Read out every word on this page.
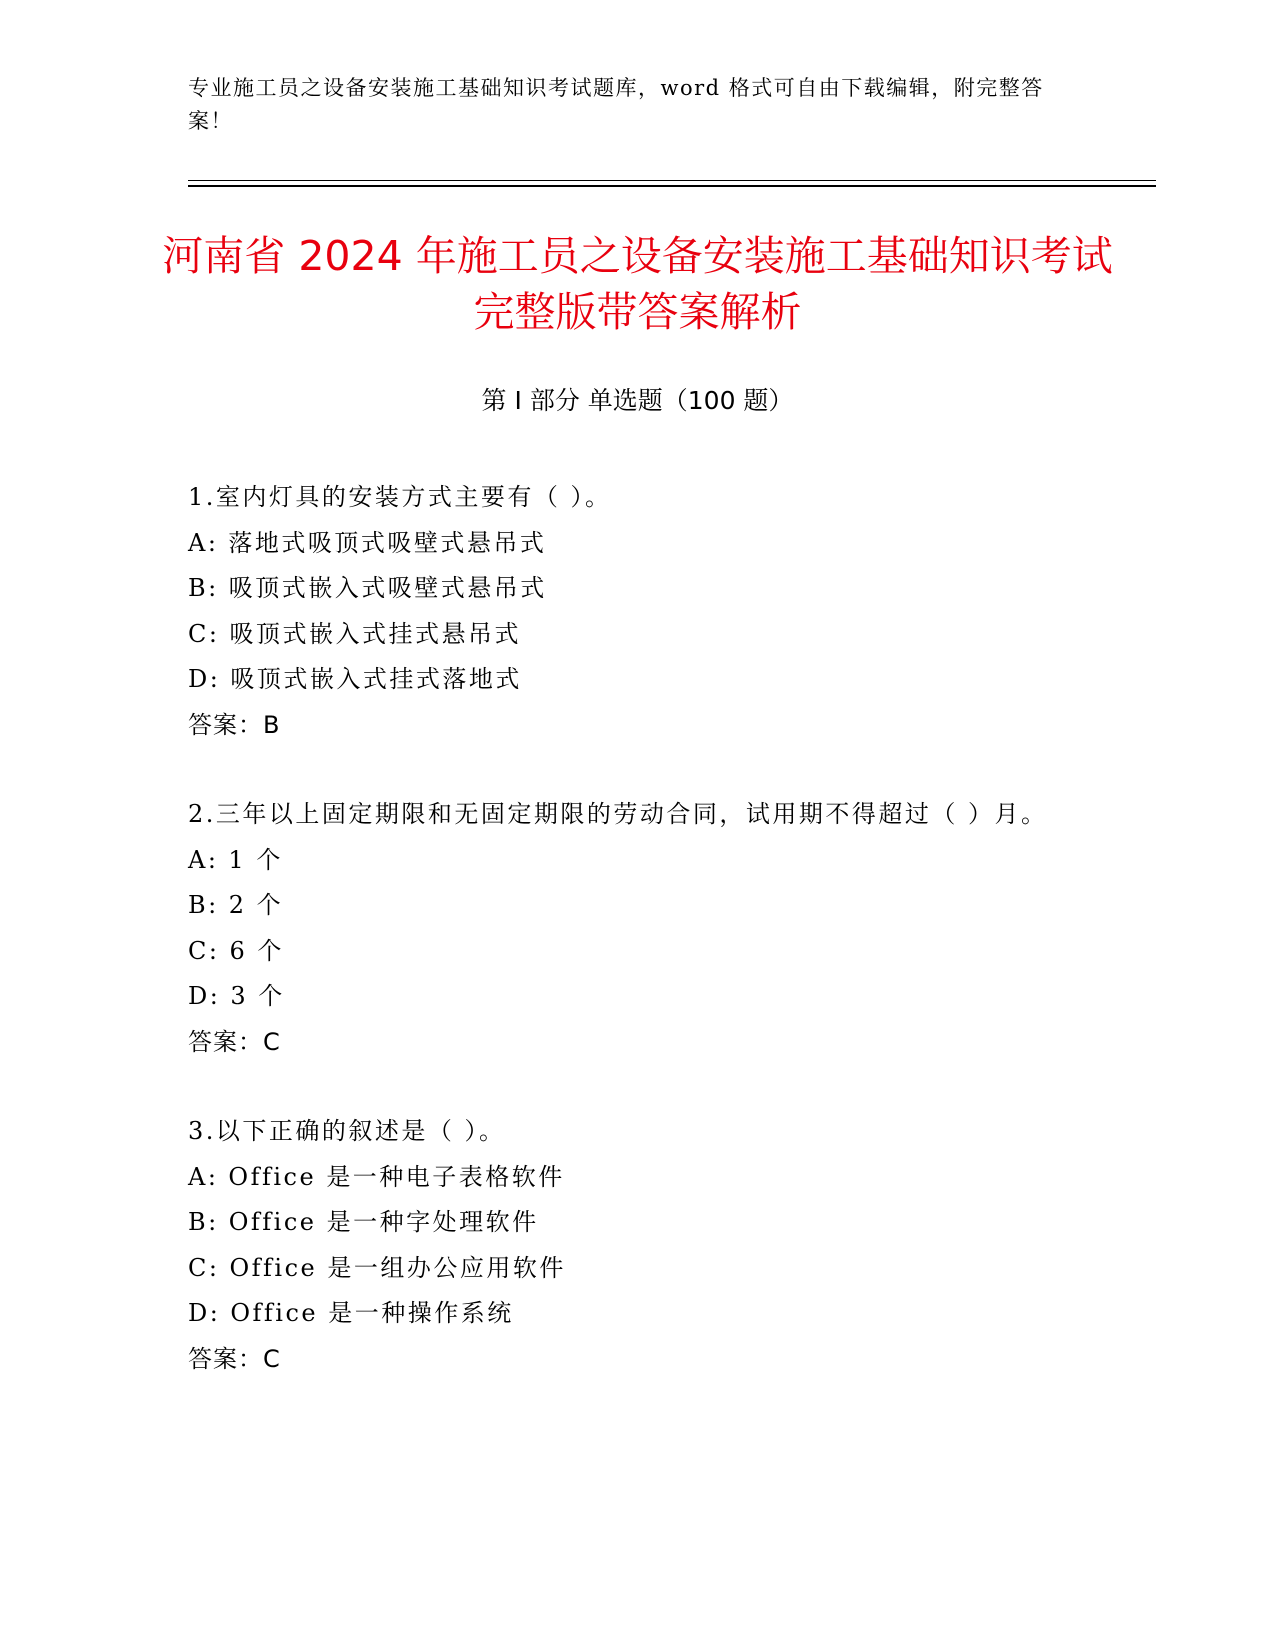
专业施工员之设备安装施工基础知识考试题库，word 格式可自由下载编辑，附完整答案！
河南省 2024 年施工员之设备安装施工基础知识考试完整版带答案解析
第 I 部分 单选题（100 题）
1.室内灯具的安装方式主要有（ ）。
A: 落地式吸顶式吸壁式悬吊式
B: 吸顶式嵌入式吸壁式悬吊式
C: 吸顶式嵌入式挂式悬吊式
D: 吸顶式嵌入式挂式落地式
答案：B
2.三年以上固定期限和无固定期限的劳动合同，试用期不得超过（ ）月。
A: 1 个
B: 2 个
C: 6 个
D: 3 个
答案：C
3.以下正确的叙述是（ ）。
A: Office 是一种电子表格软件
B: Office 是一种字处理软件
C: Office 是一组办公应用软件
D: Office 是一种操作系统
答案：C
